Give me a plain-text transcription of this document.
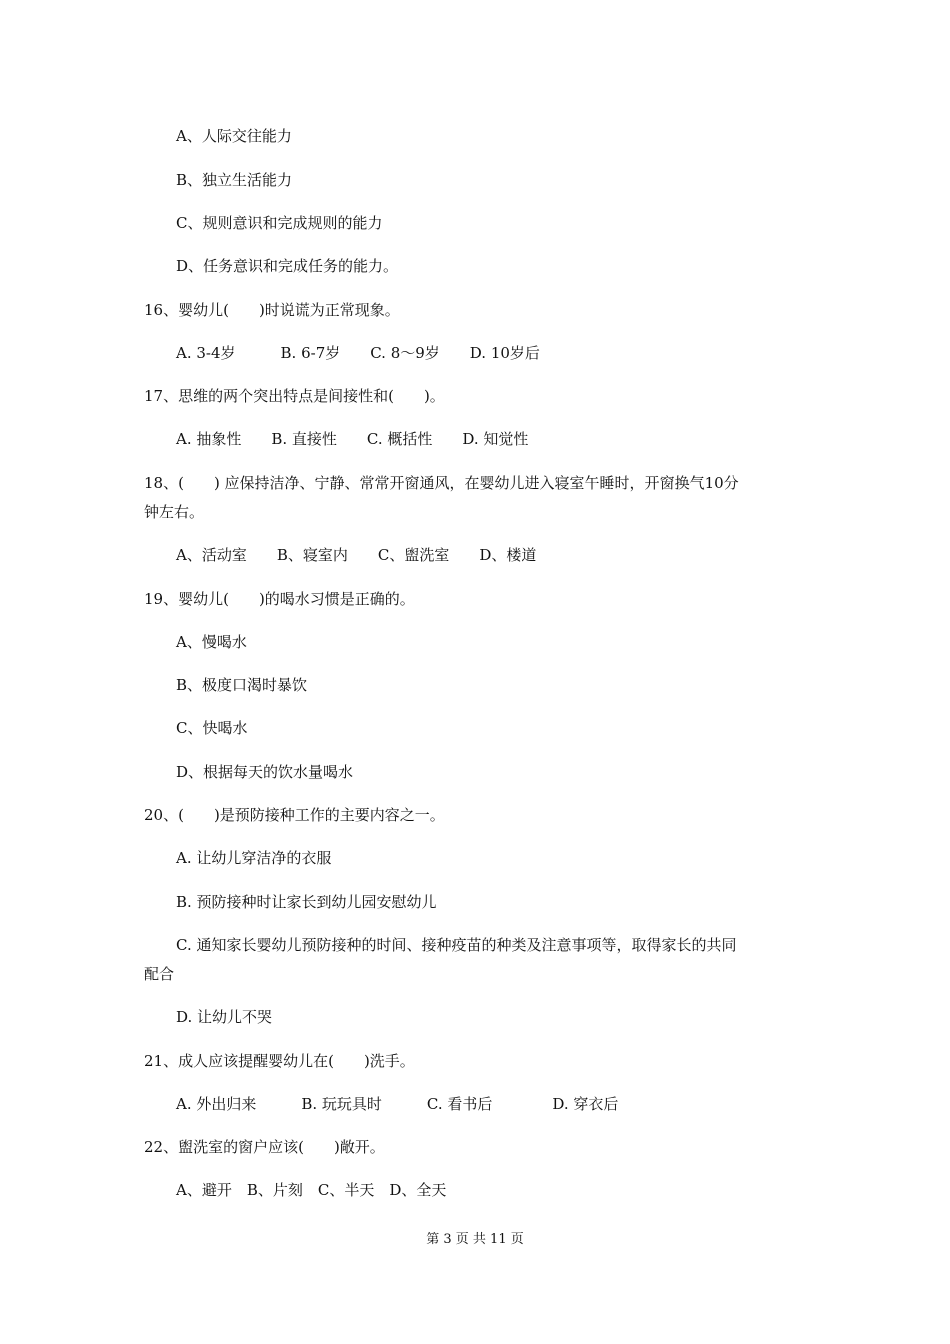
A、人际交往能力
B、独立生活能力
C、规则意识和完成规则的能力
D、任务意识和完成任务的能力。
16、婴幼儿(　　)时说谎为正常现象。
A. 3-4岁　　　B. 6-7岁　　C. 8～9岁　　D. 10岁后
17、思维的两个突出特点是间接性和(　　)。
A. 抽象性　　B. 直接性　　C. 概括性　　D. 知觉性
18、(　　) 应保持洁净、宁静、常常开窗通风，在婴幼儿进入寝室午睡时，开窗换气10分
钟左右。
A、活动室　　B、寝室内　　C、盥洗室　　D、楼道
19、婴幼儿(　　)的喝水习惯是正确的。
A、慢喝水
B、极度口渴时暴饮
C、快喝水
D、根据每天的饮水量喝水
20、(　　)是预防接种工作的主要内容之一。
A. 让幼儿穿洁净的衣服
B. 预防接种时让家长到幼儿园安慰幼儿
C. 通知家长婴幼儿预防接种的时间、接种疫苗的种类及注意事项等，取得家长的共同
配合
D. 让幼儿不哭
21、成人应该提醒婴幼儿在(　　)洗手。
A. 外出归来　　　B. 玩玩具时　　　C. 看书后　　　　D. 穿衣后
22、盥洗室的窗户应该(　　)敞开。
A、避开　B、片刻　C、半天　D、全天
第 3 页 共 11 页
